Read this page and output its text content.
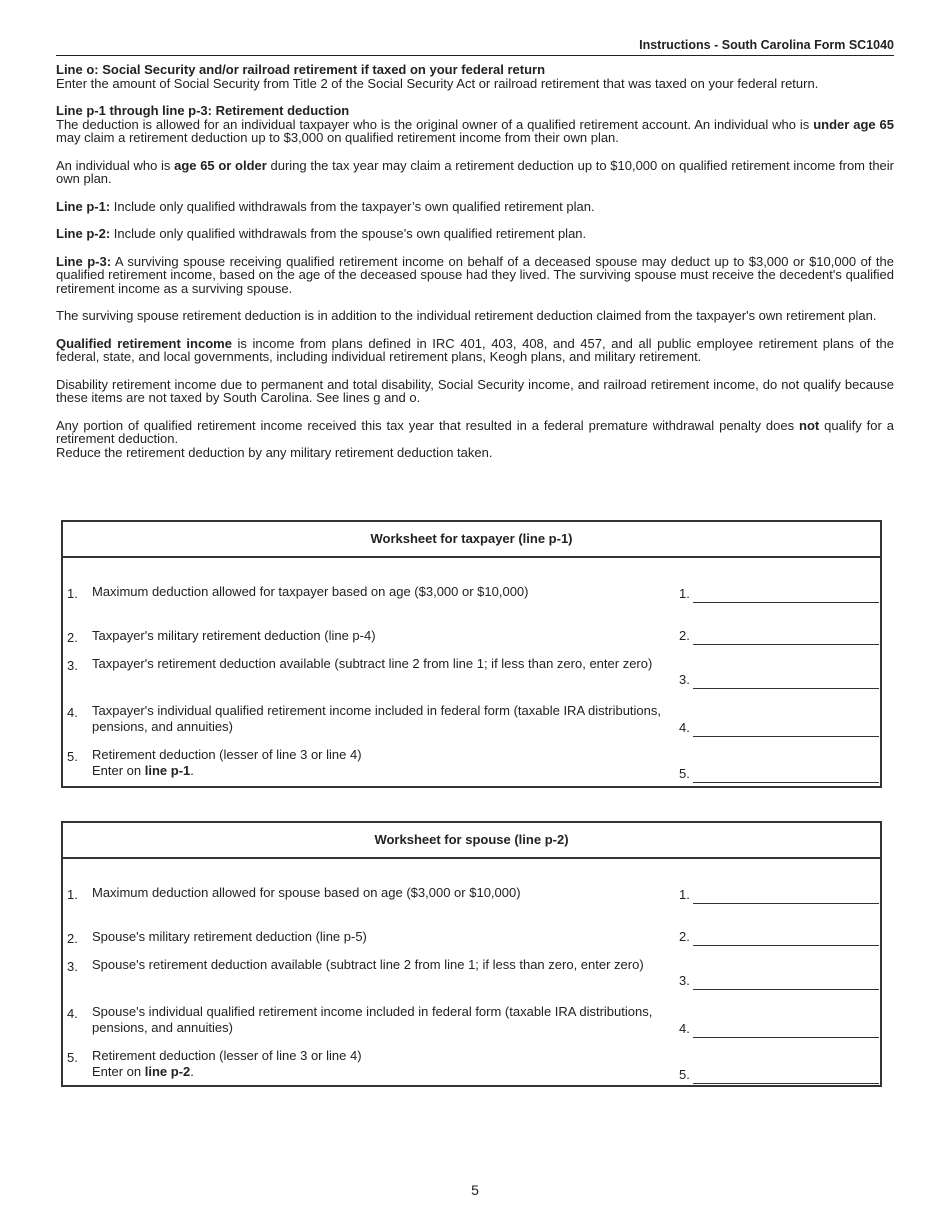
Instructions - South Carolina Form SC1040

Line o: Social Security and/or railroad retirement if taxed on your federal return

Enter the amount of Social Security from Title 2 of the Social Security Act or railroad retirement that was taxed on your federal return.

Line p-1 through line p-3: Retirement deduction

The deduction is allowed for an individual taxpayer who is the original owner of a qualified retirement account. An individual who is under age 65 may claim a retirement deduction up to $3,000 on qualified retirement income from their own plan.

An individual who is age 65 or older during the tax year may claim a retirement deduction up to $10,000 on qualified retirement income from their own plan.

Line p-1: Include only qualified withdrawals from the taxpayer’s own qualified retirement plan.

Line p-2: Include only qualified withdrawals from the spouse’s own qualified retirement plan.

Line p-3: A surviving spouse receiving qualified retirement income on behalf of a deceased spouse may deduct up to $3,000 or $10,000 of the qualified retirement income, based on the age of the deceased spouse had they lived. The surviving spouse must receive the decedent's qualified retirement income as a surviving spouse.

The surviving spouse retirement deduction is in addition to the individual retirement deduction claimed from the taxpayer's own retirement plan.

Qualified retirement income is income from plans defined in IRC 401, 403, 408, and 457, and all public employee retirement plans of the federal, state, and local governments, including individual retirement plans, Keogh plans, and military retirement.

Disability retirement income due to permanent and total disability, Social Security income, and railroad retirement income, do not qualify because these items are not taxed by South Carolina. See lines g and o.

Any portion of qualified retirement income received this tax year that resulted in a federal premature withdrawal penalty does not qualify for a retirement deduction.

Reduce the retirement deduction by any military retirement deduction taken.

Worksheet for taxpayer (line p-1)
1. Maximum deduction allowed for taxpayer based on age ($3,000 or $10,000)	1.
2. Taxpayer's military retirement deduction (line p-4)	2.
3. Taxpayer's retirement deduction available (subtract line 2 from line 1; if less than zero, enter zero)
3.
4. Taxpayer's individual qualified retirement income included in federal form (taxable IRA distributions, pensions, and annuities)	4.
5. Retirement deduction (lesser of line 3 or line 4)
Enter on line p-1.	5.
Worksheet for spouse (line p-2)
1. Maximum deduction allowed for spouse based on age ($3,000 or $10,000)	1.
2. Spouse's military retirement deduction (line p-5)	2.
3. Spouse's retirement deduction available (subtract line 2 from line 1; if less than zero, enter zero)
3.
4. Spouse's individual qualified retirement income included in federal form (taxable IRA distributions, pensions, and annuities)	4.
5. Retirement deduction (lesser of line 3 or line 4)
Enter on line p-2.	5.
5
